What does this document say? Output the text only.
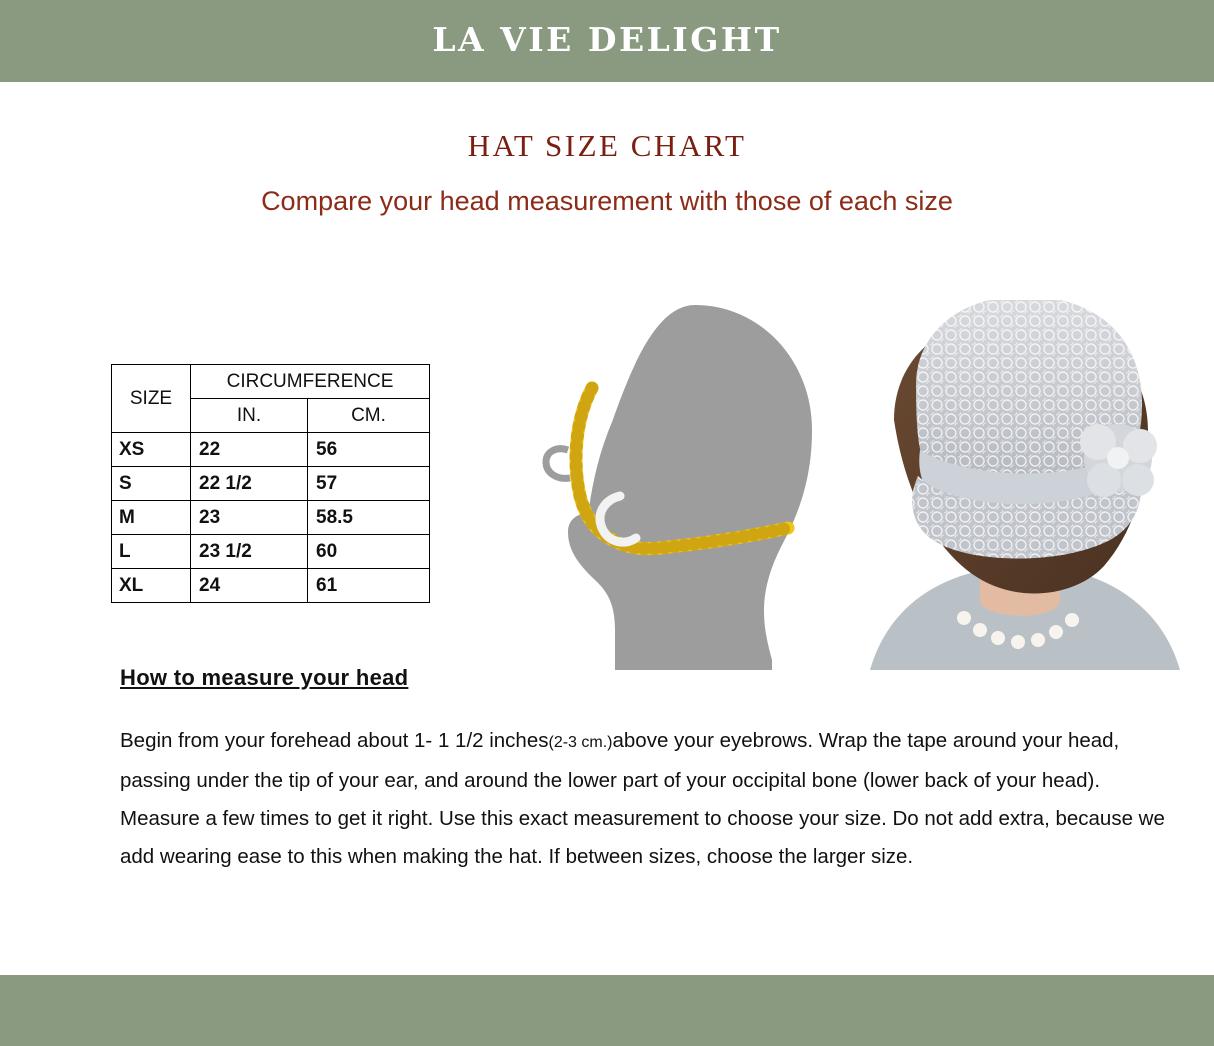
LA VIE DELIGHT
HAT SIZE CHART
Compare your head measurement with those of each size
SIZE	CIRCUMFERENCE	
	IN.	CM.
XS	22	56
S	22 1/2	57
M	23	58.5
L	23 1/2	60
XL	24	61
How to measure your head
Begin from your forehead about 1- 1 1/2 inches(2-3 cm.)above your eyebrows. Wrap the tape around your head, passing under the tip of your ear, and around the lower part of your occipital bone (lower back of your head). Measure a few times to get it right. Use this exact measurement to choose your size. Do not add extra, because we add wearing ease to this when making the hat. If between sizes, choose the larger size.
